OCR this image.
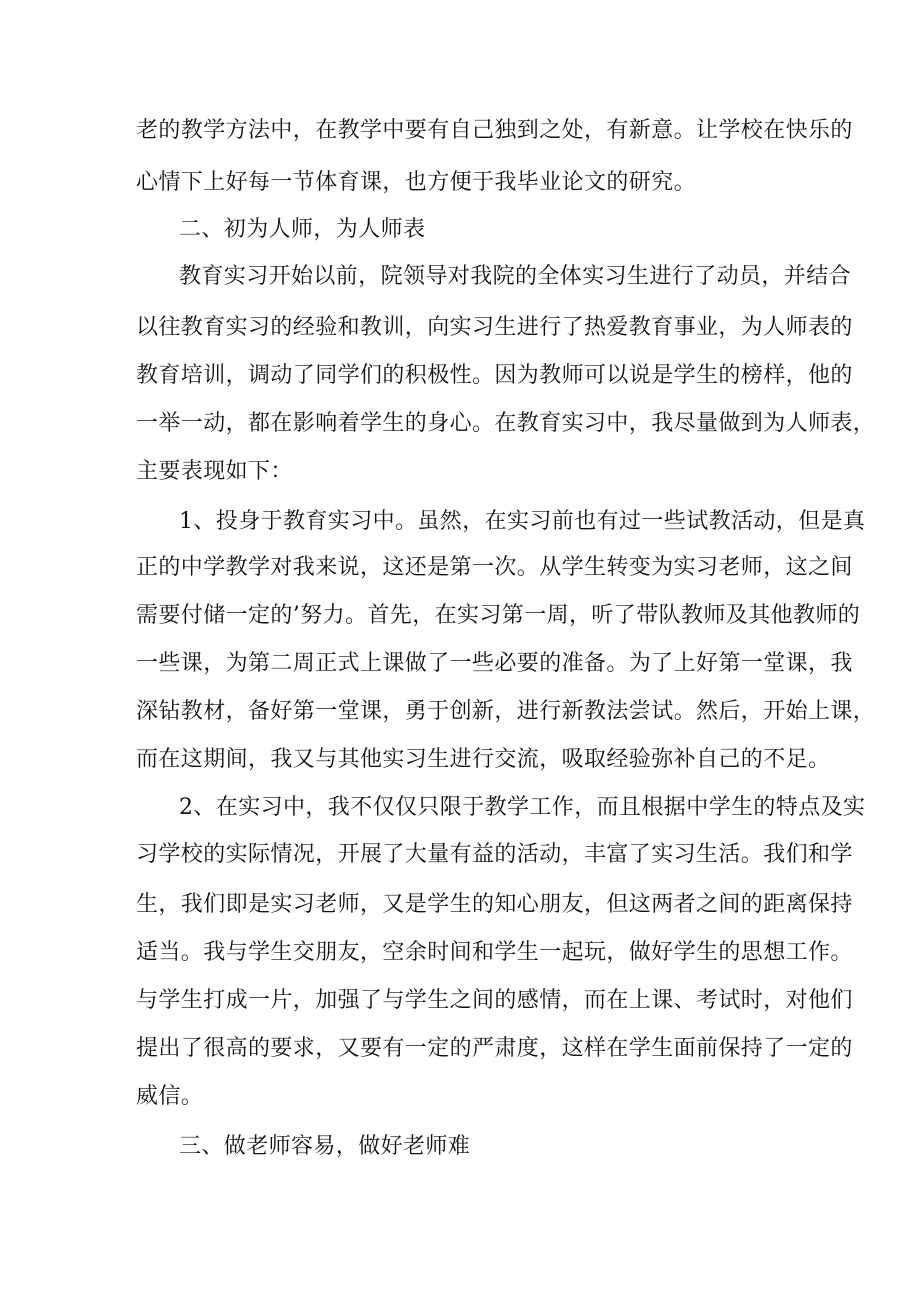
老的教学方法中，在教学中要有自己独到之处，有新意。让学校在快乐的
心情下上好每一节体育课，也方便于我毕业论文的研究。
二、初为人师，为人师表
教育实习开始以前，院领导对我院的全体实习生进行了动员，并结合
以往教育实习的经验和教训，向实习生进行了热爱教育事业，为人师表的
教育培训，调动了同学们的积极性。因为教师可以说是学生的榜样，他的
一举一动，都在影响着学生的身心。在教育实习中，我尽量做到为人师表，
主要表现如下：
1、投身于教育实习中。虽然，在实习前也有过一些试教活动，但是真
正的中学教学对我来说，这还是第一次。从学生转变为实习老师，这之间
需要付储一定的’努力。首先，在实习第一周，听了带队教师及其他教师的
一些课，为第二周正式上课做了一些必要的准备。为了上好第一堂课，我
深钻教材，备好第一堂课，勇于创新，进行新教法尝试。然后，开始上课，
而在这期间，我又与其他实习生进行交流，吸取经验弥补自己的不足。
2、在实习中，我不仅仅只限于教学工作，而且根据中学生的特点及实
习学校的实际情况，开展了大量有益的活动，丰富了实习生活。我们和学
生，我们即是实习老师，又是学生的知心朋友，但这两者之间的距离保持
适当。我与学生交朋友，空余时间和学生一起玩，做好学生的思想工作。
与学生打成一片，加强了与学生之间的感情，而在上课、考试时，对他们
提出了很高的要求，又要有一定的严肃度，这样在学生面前保持了一定的
威信。
三、做老师容易，做好老师难
